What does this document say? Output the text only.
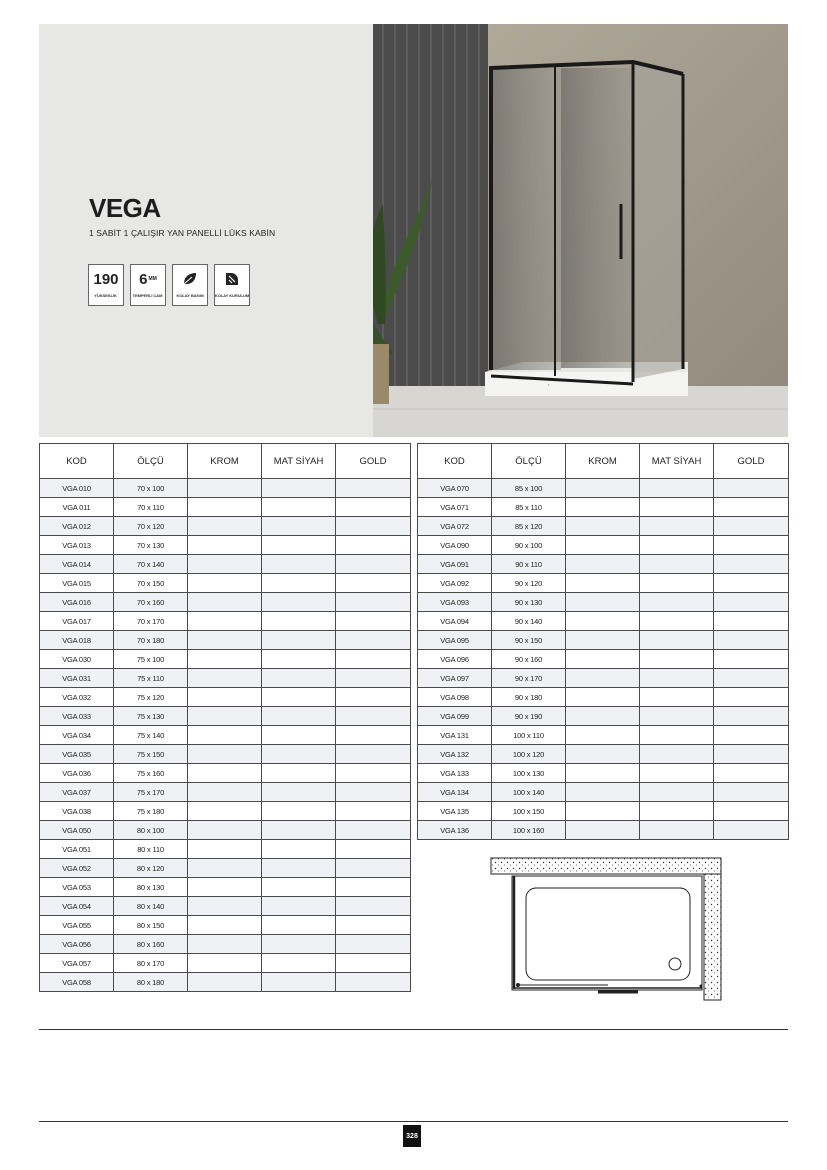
VEGA
1 SABİT 1 ÇALIŞIR YAN PANELLİ LÜKS KABİN
190
YÜKSEKLİK
6 MM
TEMPERLİ CAM	KOLAY BAKIM	KOLAY KURULUM
•
KOD	ÖLÇÜ	KROM	MAT SİYAH	GOLD
VGA 010	70 x 100			
VGA 011	70 x 110			
VGA 012	70 x 120			
VGA 013	70 x 130			
VGA 014	70 x 140			
VGA 015	70 x 150			
VGA 016	70 x 160			
VGA 017	70 x 170			
VGA 018	70 x 180			
VGA 030	75 x 100			
VGA 031	75 x 110			
VGA 032	75 x 120			
VGA 033	75 x 130			
VGA 034	75 x 140			
VGA 035	75 x 150			
VGA 036	75 x 160			
VGA 037	75 x 170			
VGA 038	75 x 180			
VGA 050	80 x 100			
VGA 051	80 x 110			
VGA 052	80 x 120			
VGA 053	80 x 130			
VGA 054	80 x 140			
VGA 055	80 x 150			
VGA 056	80 x 160			
VGA 057	80 x 170			
VGA 058	80 x 180			
KOD	ÖLÇÜ	KROM	MAT SİYAH	GOLD
VGA 070	85 x 100			
VGA 071	85 x 110			
VGA 072	85 x 120			
VGA 090	90 x 100			
VGA 091	90 x 110			
VGA 092	90 x 120			
VGA 093	90 x 130			
VGA 094	90 x 140			
VGA 095	90 x 150			
VGA 096	90 x 160			
VGA 097	90 x 170			
VGA 098	90 x 180			
VGA 099	90 x 190			
VGA 131	100 x 110			
VGA 132	100 x 120			
VGA 133	100 x 130			
VGA 134	100 x 140			
VGA 135	100 x 150			
VGA 136	100 x 160			
328
